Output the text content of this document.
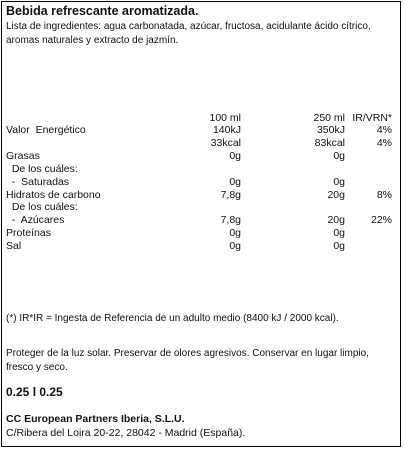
Bebida refrescante aromatizada.
Lista de ingredientes: agua carbonatada, azúcar, fructosa, acidulante ácido cítrico, aromas naturales y extracto de jazmín.
100 ml	250 ml IR/VRN*
Valor  Energético	140kJ	350kJ	4%
33kcal	83kcal	4%
Grasas	0g	0g
De los cuáles:
-  Saturadas	0g	0g
Hidratos de carbono	7,8g	20g	8%
De los cuáles:
-  Azúcares	7,8g	20g 22%
Proteínas	0g	0g
Sal	0g	0g
(*) IR*IR = Ingesta de Referencia de un adulto medio (8400 kJ / 2000 kcal).
Proteger de la luz solar. Preservar de olores agresivos. Conservar en lugar limpio, fresco y seco.
0.25 l 0.25
CC European Partners Iberia, S.L.U.
C/Ribera del Loira 20-22, 28042 - Madrid (España).
